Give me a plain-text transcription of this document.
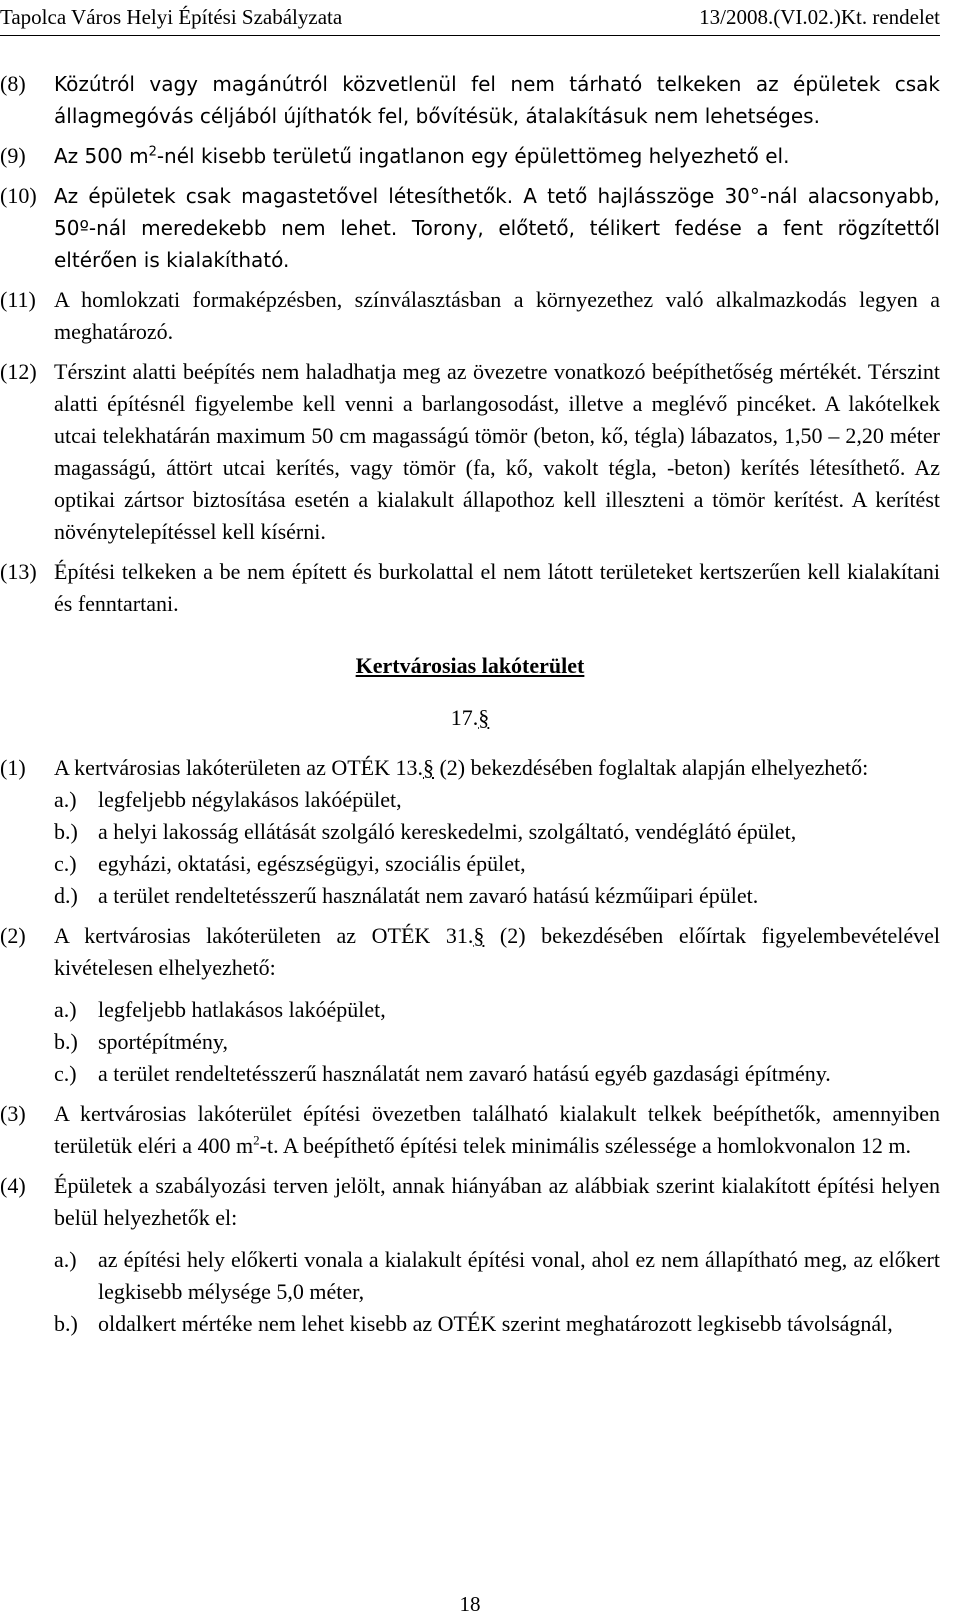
Tapolca Város Helyi Építési Szabályzata	13/2008.(VI.02.)Kt. rendelet
(8)	Közútról vagy magánútról közvetlenül fel nem tárható telkeken az épületek csak állagmegóvás céljából újíthatók fel, bővítésük, átalakításuk nem lehetséges.
(9)	Az 500 $m^2$-nél kisebb területű ingatlanon egy épülettömeg helyezhető el.
(10) Az épületek csak magastetővel létesíthetők. A tető hajlásszöge 30°-nál alacsonyabb, 50º-nál meredekebb nem lehet. Torony, előtető, télikert fedése a fent rögzítettől eltérően is kialakítható.
(11) A homlokzati formaképzésben, színválasztásban a környezethez való alkalmazkodás legyen a meghatározó.
(12) Térszint alatti beépítés nem haladhatja meg az övezetre vonatkozó beépíthetőség mértékét. Térszint alatti építésnél figyelembe kell venni a barlangosodást, illetve a meglévő pincéket. A lakótelkek utcai telekhatárán maximum 50 cm magasságú tömör (beton, kő, tégla) lábazatos, 1,50 – 2,20 méter magasságú, áttört utcai kerítés, vagy tömör (fa, kő, vakolt tégla, -beton) kerítés létesíthető. Az optikai zártsor biztosítása esetén a kialakult állapothoz kell illeszteni a tömör kerítést. A kerítést növénytelepítéssel kell kísérni.
(13) Építési telkeken a be nem épített és burkolattal el nem látott területeket kertszerűen kell kialakítani és fenntartani.
Kertvárosias lakóterület
17.§
(1)	A kertvárosias lakóterületen az OTÉK 13.§ (2) bekezdésében foglaltak alapján elhelyezhető:
a.) legfeljebb négylakásos lakóépület,
b.) a helyi lakosság ellátását szolgáló kereskedelmi, szolgáltató, vendéglátó épület,
c.) egyházi, oktatási, egészségügyi, szociális épület,
d.) a terület rendeltetésszerű használatát nem zavaró hatású kézműipari épület.
(2)	A kertvárosias lakóterületen az OTÉK 31.§ (2) bekezdésében előírtak figyelembevételével kivételesen elhelyezhető:
a.) legfeljebb hatlakásos lakóépület,
b.) sportépítmény,
c.) a terület rendeltetésszerű használatát nem zavaró hatású egyéb gazdasági építmény.
(3)	A kertvárosias lakóterület építési övezetben található kialakult telkek beépíthetők, amennyiben területük eléri a 400 $m^2-t$. A beépíthető építési telek minimális szélessége a homlokvonalon 12 m.
(4)	Épületek a szabályozási terven jelölt, annak hiányában az alábbiak szerint kialakított építési helyen belül helyezhetők el:
a.) az építési hely előkerti vonala a kialakult építési vonal, ahol ez nem állapítható meg, az előkert legkisebb mélysége 5,0 méter,
b.) oldalkert mértéke nem lehet kisebb az OTÉK szerint meghatározott legkisebb távolságnál,
18
